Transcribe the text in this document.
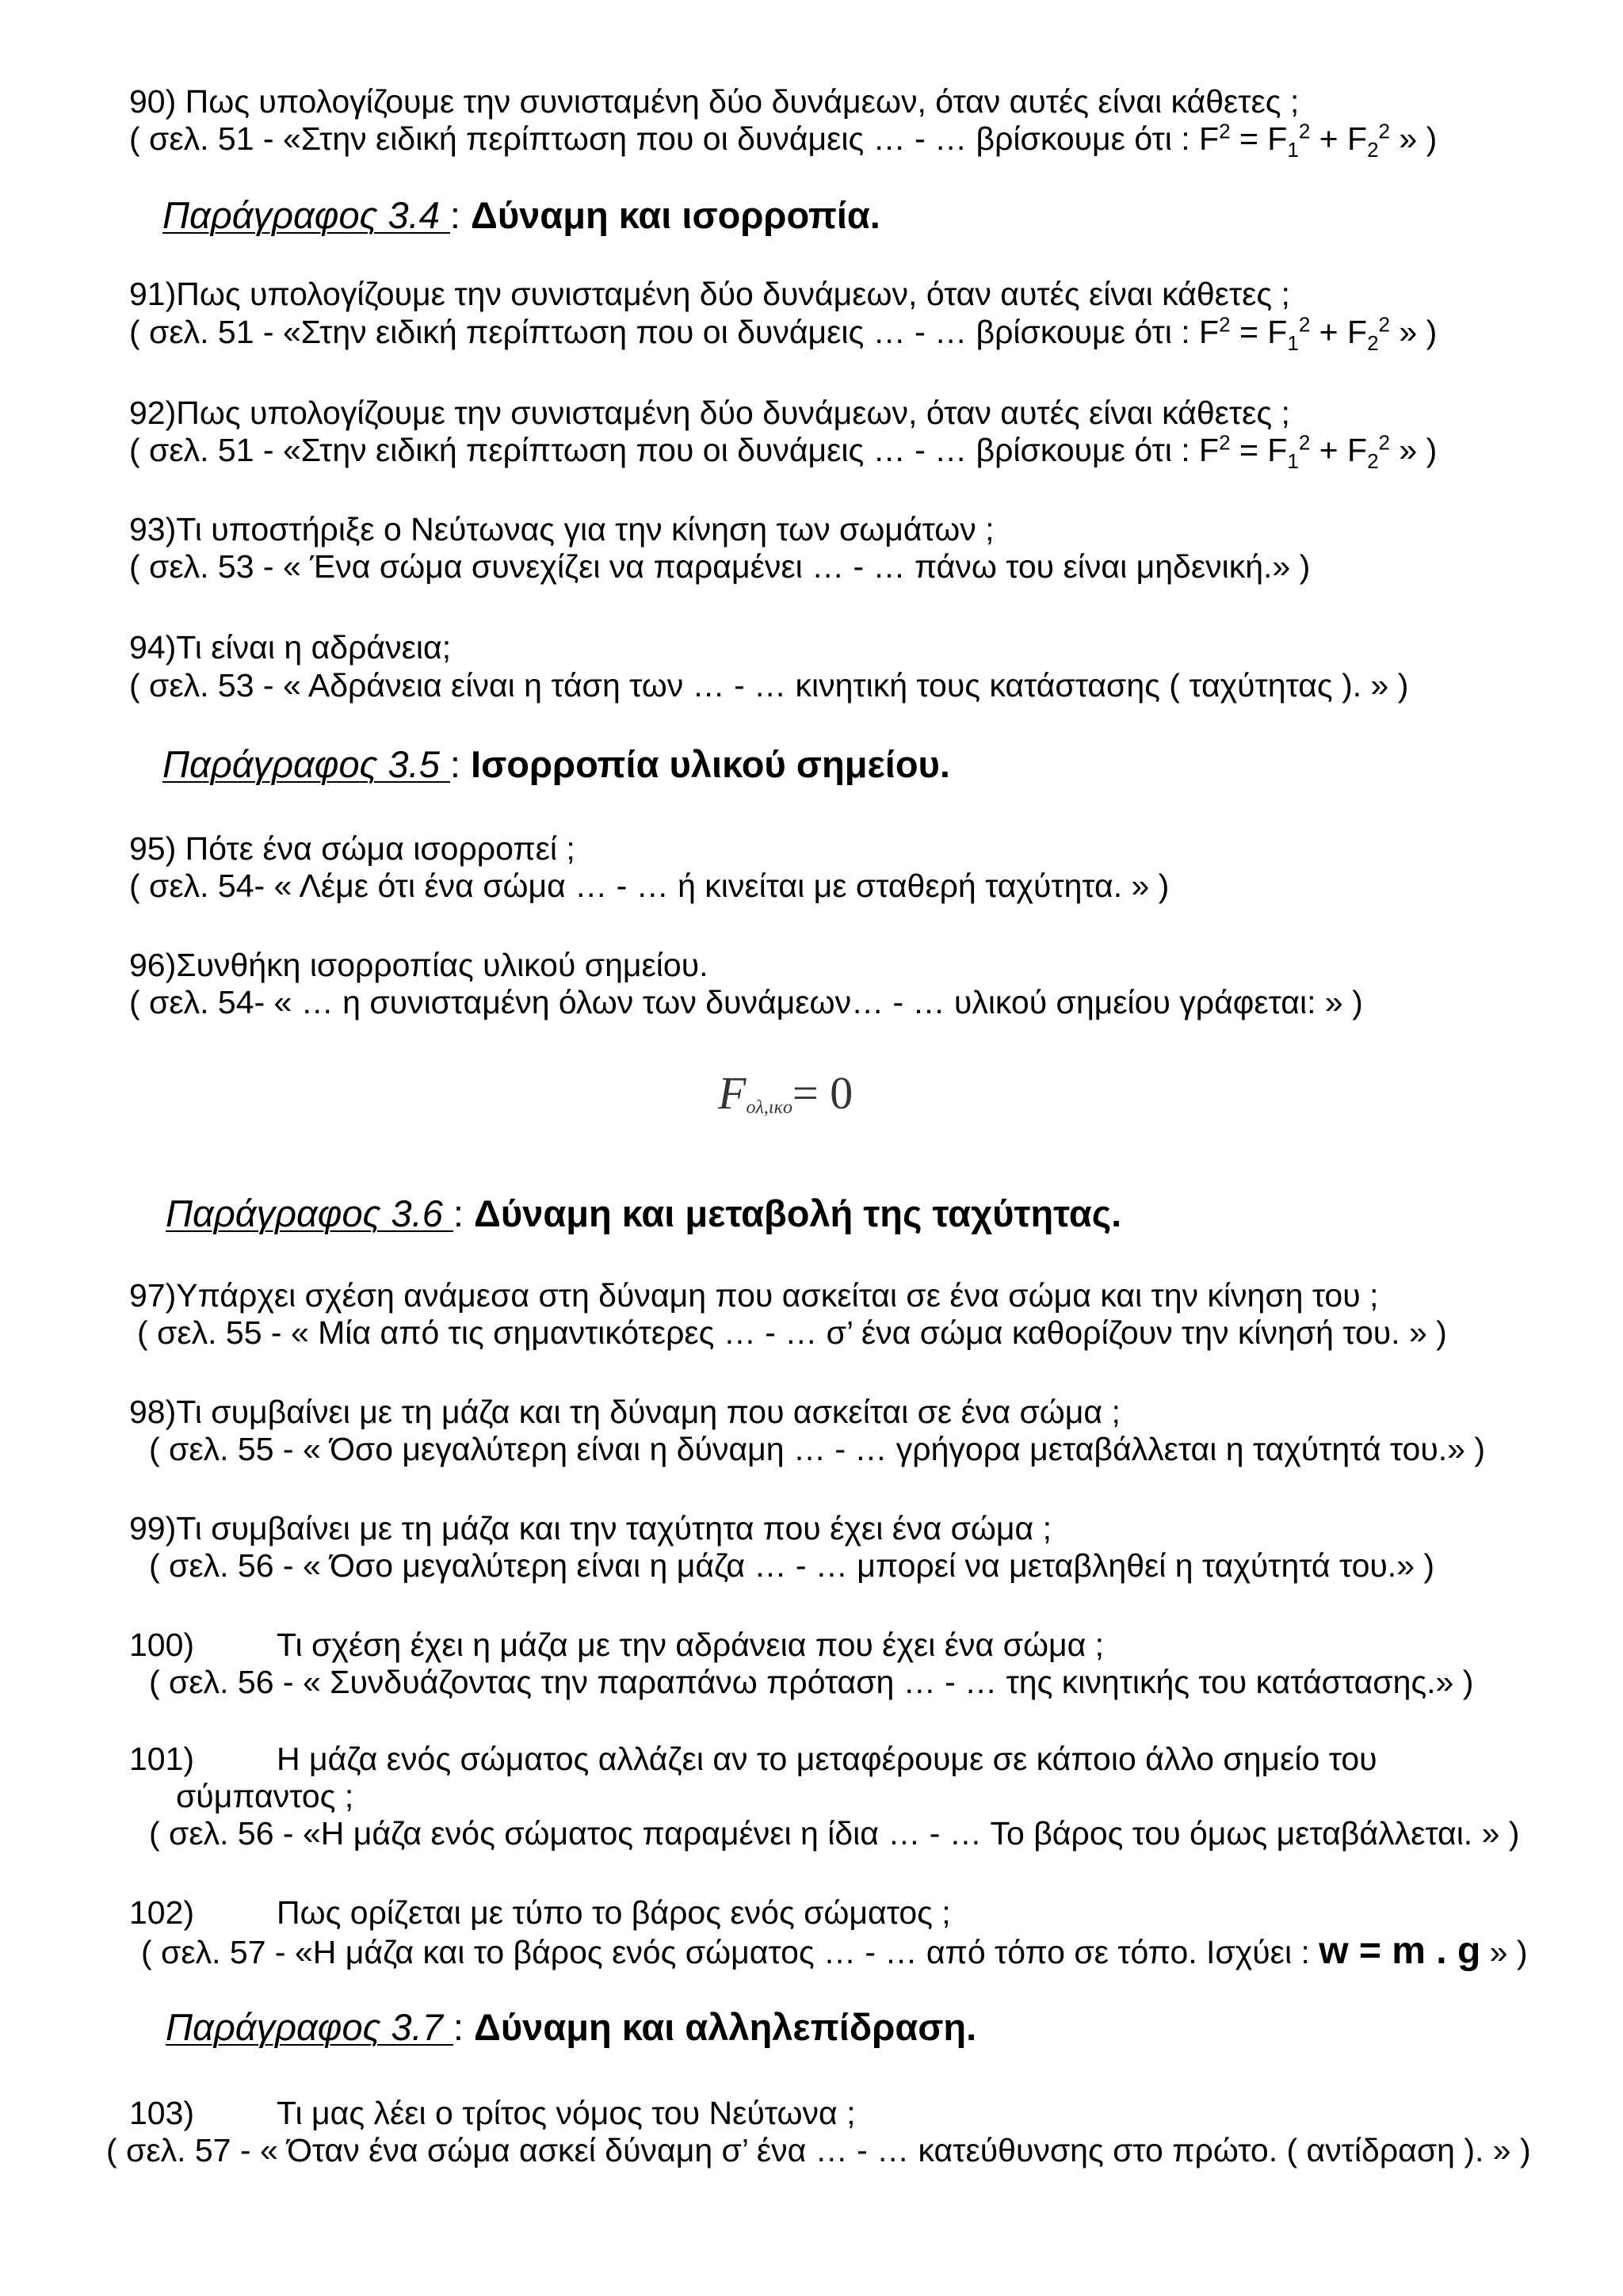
90) Πως υπολογίζουμε την συνισταμένη δύο δυνάμεων, όταν αυτές είναι κάθετες ;
( σελ. 51 - «Στην ειδική περίπτωση που οι δυνάμεις … - … βρίσκουμε ότι : $F^2 = F_1^2 + F_2^2$ » )
Παράγραφος 3.4 : Δύναμη και ισορροπία.
91)Πως υπολογίζουμε την συνισταμένη δύο δυνάμεων, όταν αυτές είναι κάθετες ;
( σελ. 51 - «Στην ειδική περίπτωση που οι δυνάμεις … - … βρίσκουμε ότι : $F^2 = F_1^2 + F_2^2$ » )
92)Πως υπολογίζουμε την συνισταμένη δύο δυνάμεων, όταν αυτές είναι κάθετες ;
( σελ. 51 - «Στην ειδική περίπτωση που οι δυνάμεις … - … βρίσκουμε ότι : $F^2 = F_1^2 + F_2^2$ » )
93)Τι υποστήριξε ο Νεύτωνας για την κίνηση των σωμάτων ;
( σελ. 53 - « Ένα σώμα συνεχίζει να παραμένει … - … πάνω του είναι μηδενική.» )
94)Τι είναι η αδράνεια;
( σελ. 53 - « Αδράνεια είναι η τάση των … - … κινητική τους κατάστασης ( ταχύτητας ). » )
Παράγραφος 3.5 : Ισορροπία υλικού σημείου.
95) Πότε ένα σώμα ισορροπεί ;
( σελ. 54- « Λέμε ότι ένα σώμα … - … ή κινείται με σταθερή ταχύτητα. » )
96)Συνθήκη ισορροπίας υλικού σημείου.
( σελ. 54- « … η συνισταμένη όλων των δυνάμεων… - … υλικού σημείου γράφεται: » )
$F_{o\lambda,\iota\kappa o}= 0$
Παράγραφος 3.6 : Δύναμη και μεταβολή της ταχύτητας.
97)Υπάρχει σχέση ανάμεσα στη δύναμη που ασκείται σε ένα σώμα και την κίνηση του ;
( σελ. 55 - « Μία από τις σημαντικότερες … - … σ’ ένα σώμα καθορίζουν την κίνησή του. » )
98)Τι συμβαίνει με τη μάζα και τη δύναμη που ασκείται σε ένα σώμα ;
( σελ. 55 - « Όσο μεγαλύτερη είναι η δύναμη … - … γρήγορα μεταβάλλεται η ταχύτητά του.» )
99)Τι συμβαίνει με τη μάζα και την ταχύτητα που έχει ένα σώμα ;
( σελ. 56 - « Όσο μεγαλύτερη είναι η μάζα … - … μπορεί να μεταβληθεί η ταχύτητά του.» )
100)	Τι σχέση έχει η μάζα με την αδράνεια που έχει ένα σώμα ;
( σελ. 56 - « Συνδυάζοντας την παραπάνω πρόταση … - … της κινητικής του κατάστασης.» )
101)	Η μάζα ενός σώματος αλλάζει αν το μεταφέρουμε σε κάποιο άλλο σημείο του
σύμπαντος ;
( σελ. 56 - «Η μάζα ενός σώματος παραμένει η ίδια … - … Το βάρος του όμως μεταβάλλεται. » )
102)	Πως ορίζεται με τύπο το βάρος ενός σώματος ;
( σελ. 57 - «Η μάζα και το βάρος ενός σώματος … - … από τόπο σε τόπο. Ισχύει : w = m . g » )
Παράγραφος 3.7 : Δύναμη και αλληλεπίδραση.
103)	Τι μας λέει ο τρίτος νόμος του Νεύτωνα ;
( σελ. 57 - « Όταν ένα σώμα ασκεί δύναμη σ’ ένα … - … κατεύθυνσης στο πρώτο. ( αντίδραση ). » )
